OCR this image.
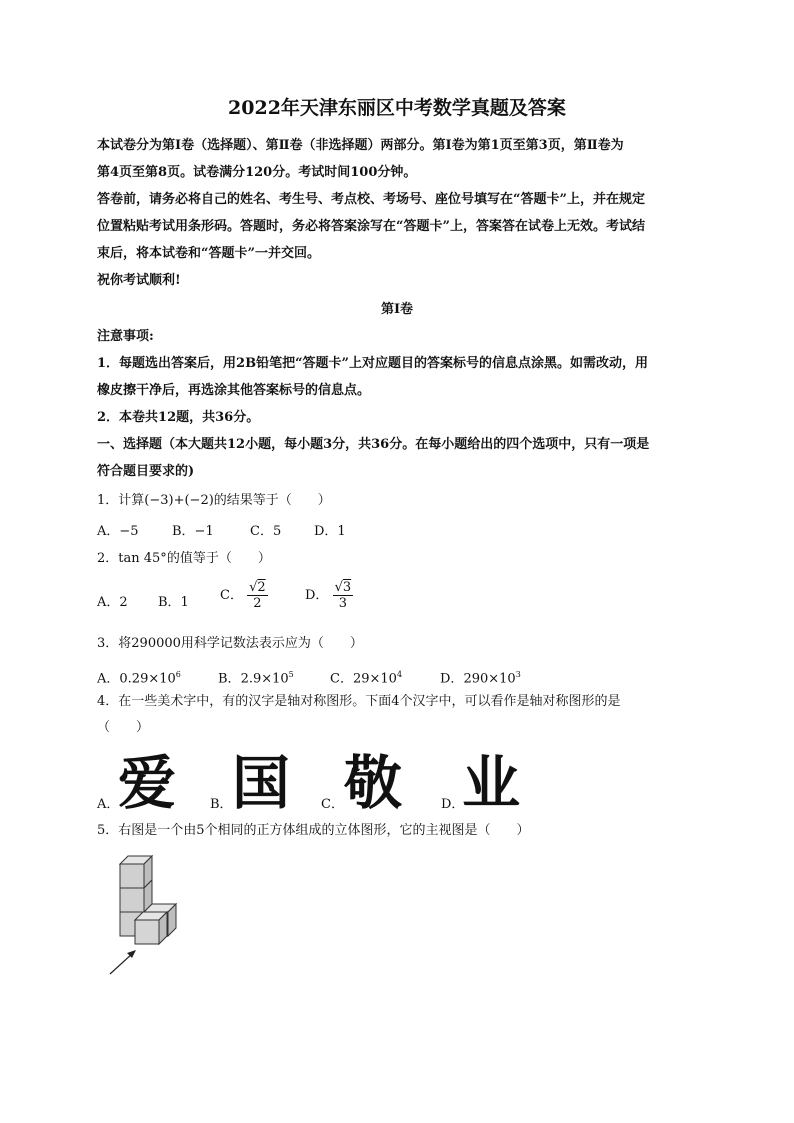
2022年天津东丽区中考数学真题及答案
本试卷分为第Ⅰ卷（选择题）、第Ⅱ卷（非选择题）两部分。第Ⅰ卷为第1页至第3页，第Ⅱ卷为
第4页至第8页。试卷满分120分。考试时间100分钟。
答卷前，请务必将自己的姓名、考生号、考点校、考场号、座位号填写在“答题卡”上，并在规定
位置粘贴考试用条形码。答题时，务必将答案涂写在“答题卡”上，答案答在试卷上无效。考试结
束后，将本试卷和“答题卡”一并交回。
祝你考试顺利!
第Ⅰ卷
注意事项:
1．每题选出答案后，用2B铅笔把“答题卡”上对应题目的答案标号的信息点涂黑。如需改动，用
橡皮擦干净后，再选涂其他答案标号的信息点。
2．本卷共12题，共36分。
一、选择题（本大题共12小题，每小题3分，共36分。在每小题给出的四个选项中，只有一项是
符合题目要求的)
1．计算(−3)+(−2)的结果等于（　　）
A．−5	B．−1	C．5	D．1
2．tan 45°的值等于（　　）
A．2 B．1 C． $\frac{√2}{2}$	D． $\frac{√3}{3}$
3．将290000用科学记数法表示应为（　　）
A．$0.29\times 10^6$	B．$2.9\times 10^5$	C．$29\times 10^4$	D．$290\times 10^3$
4．在一些美术字中，有的汉字是轴对称图形。下面4个汉字中，可以看作是轴对称图形的是
（　　）
A．
爱	B． 国 C． 敬	D．
业
5．右图是一个由5个相同的正方体组成的立体图形，它的主视图是（　　）
